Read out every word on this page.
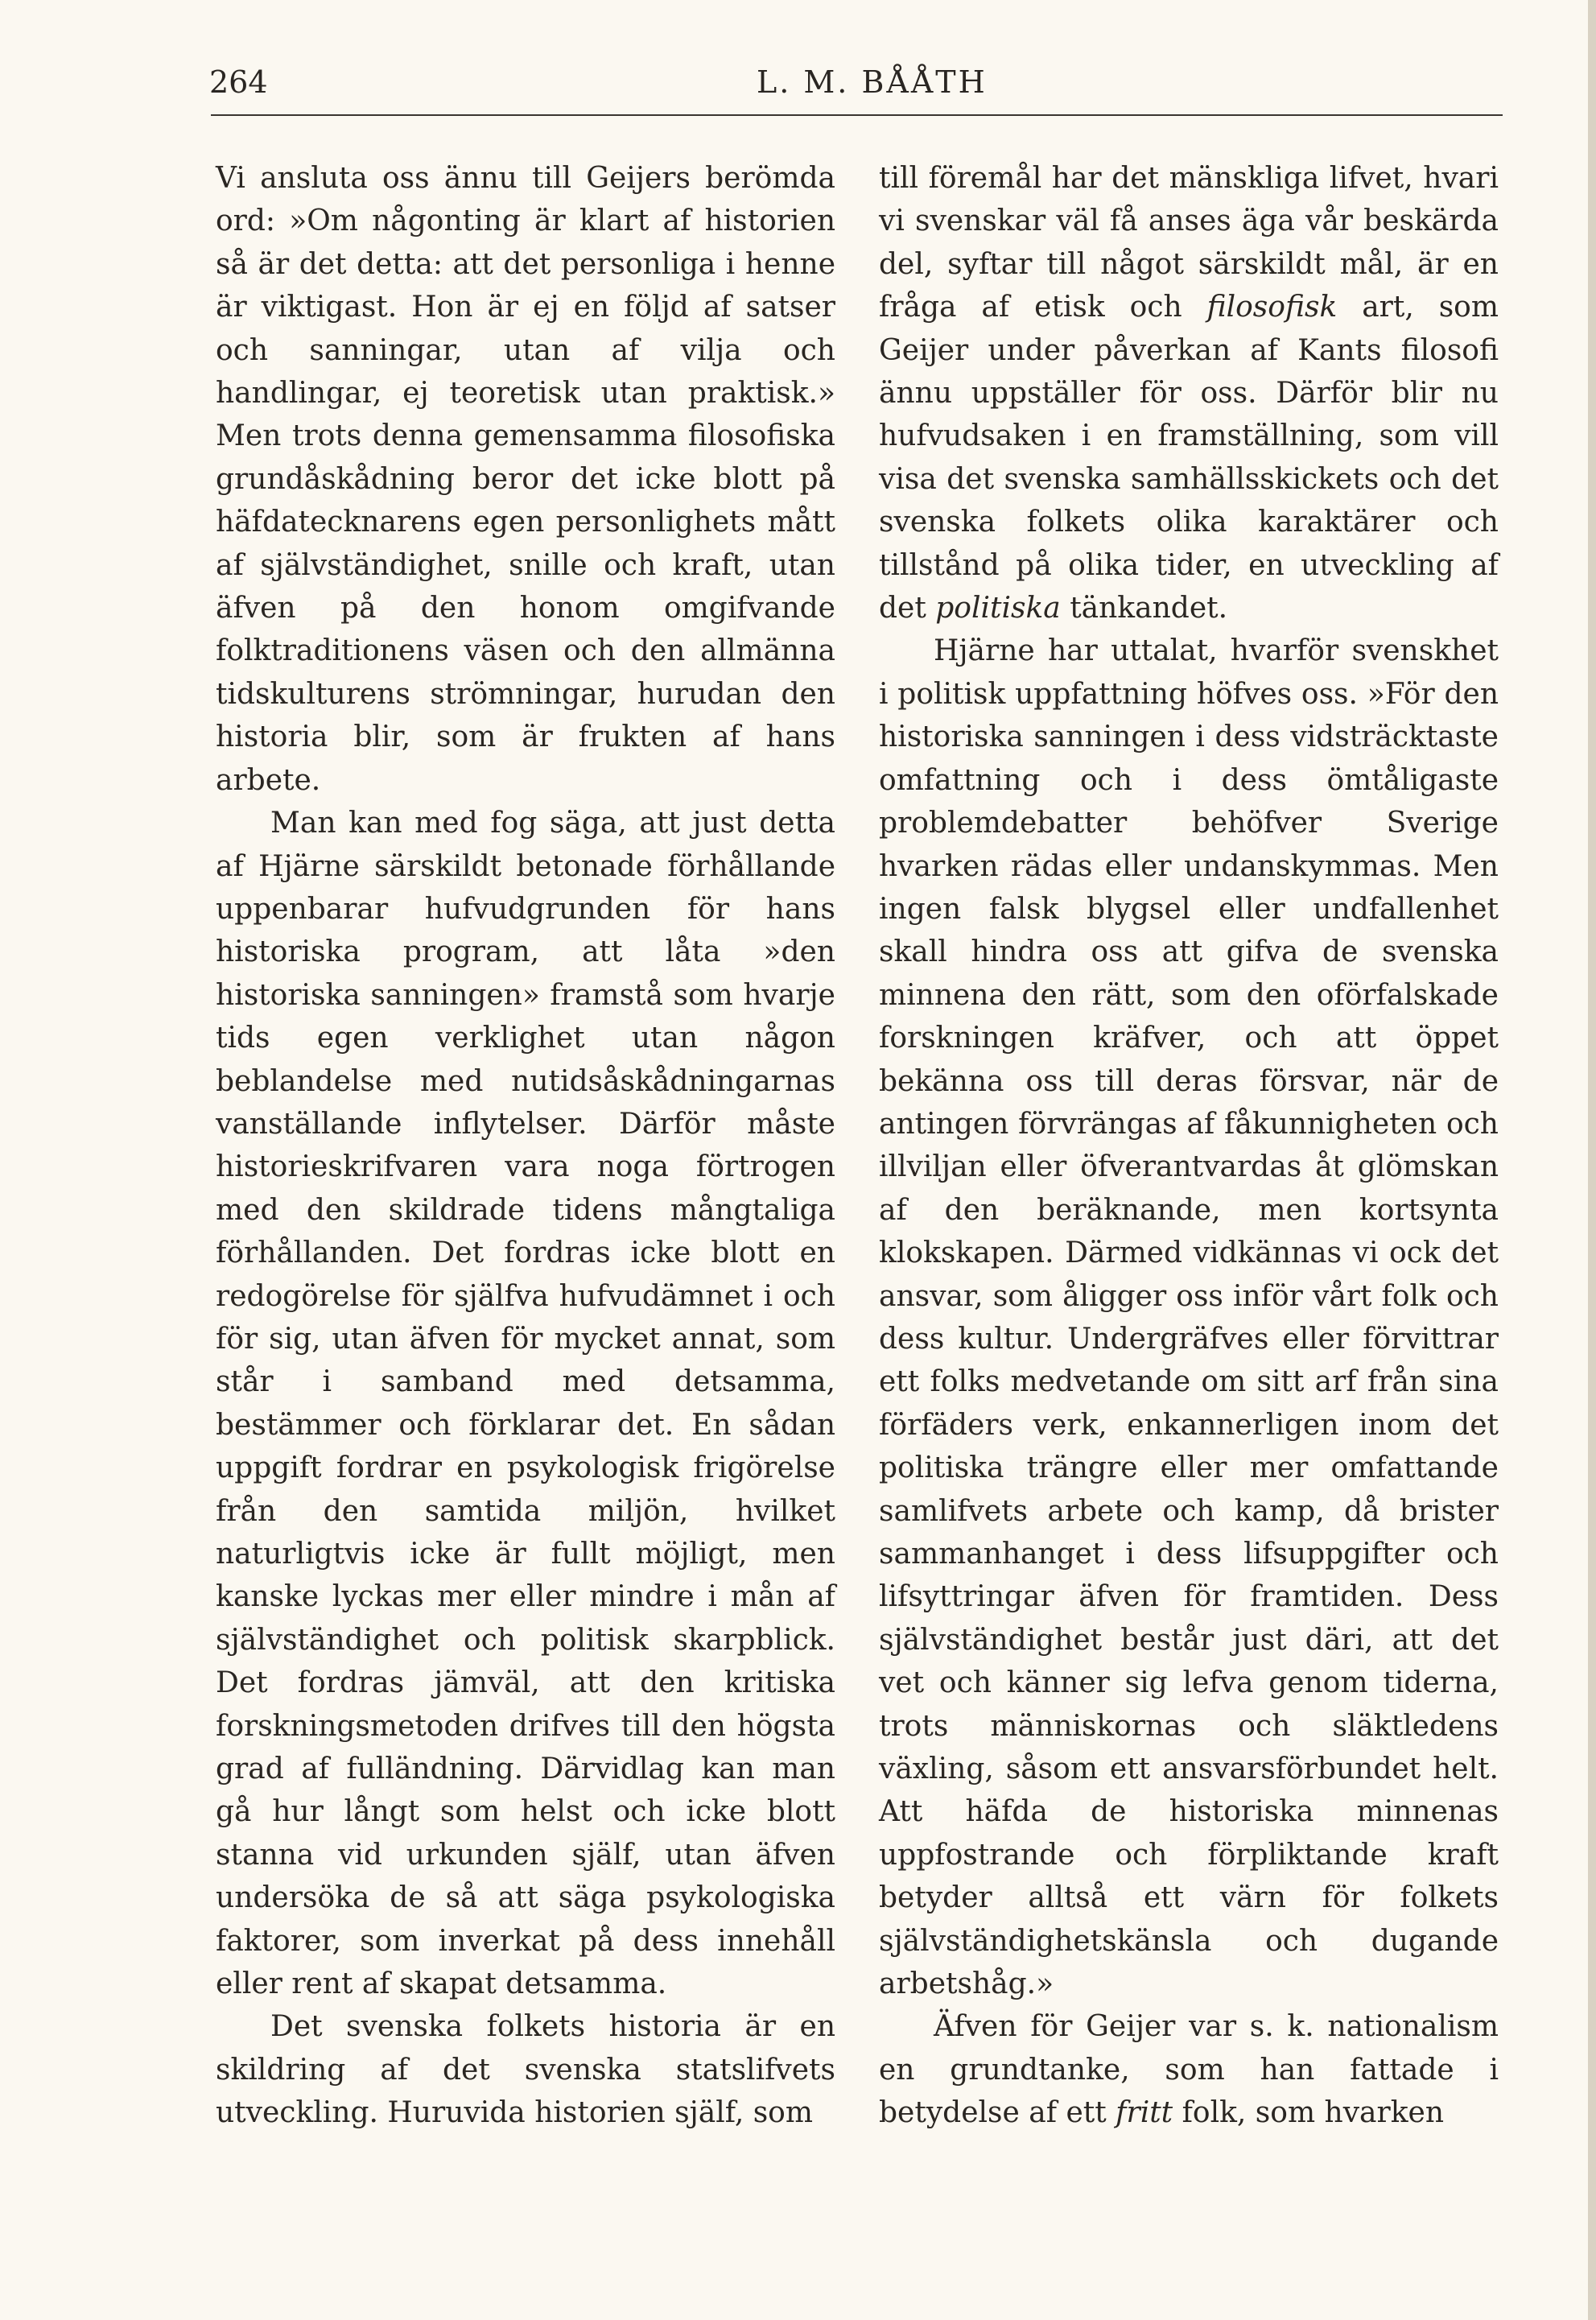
264	L. M. BÅÅTH

Vi ansluta oss ännu till Geijers berömda ord: »Om någonting är klart af historien så är det detta: att det personliga i henne är viktigast. Hon är ej en följd af satser och sanningar, utan af vilja och handlingar, ej teoretisk utan praktisk.» Men trots denna gemensamma filosofiska grundåskådning beror det icke blott på häfdatecknarens egen personlighets mått af självständighet, snille och kraft, utan äfven på den honom omgifvande folktraditionens väsen och den allmänna tidskulturens strömningar, hurudan den historia blir, som är frukten af hans arbete.

Man kan med fog säga, att just detta af Hjärne särskildt betonade förhållande uppenbarar hufvudgrunden för hans historiska program, att låta »den historiska sanningen» framstå som hvarje tids egen verklighet utan någon beblandelse med nutidsåskådningarnas vanställande inflytelser. Därför måste historieskrifvaren vara noga förtrogen med den skildrade tidens mångtaliga förhållanden. Det fordras icke blott en redogörelse för själfva hufvudämnet i och för sig, utan äfven för mycket annat, som står i samband med detsamma, bestämmer och förklarar det. En sådan uppgift fordrar en psykologisk frigörelse från den samtida miljön, hvilket naturligtvis icke är fullt möjligt, men kanske lyckas mer eller mindre i mån af självständighet och politisk skarpblick. Det fordras jämväl, att den kritiska forskningsmetoden drifves till den högsta grad af fulländning. Därvidlag kan man gå hur långt som helst och icke blott stanna vid urkunden själf, utan äfven undersöka de så att säga psykologiska faktorer, som inverkat på dess innehåll eller rent af skapat detsamma.

Det svenska folkets historia är en skildring af det svenska statslifvets utveckling. Huruvida historien själf, som

till föremål har det mänskliga lifvet, hvari vi svenskar väl få anses äga vår beskärda del, syftar till något särskildt mål, är en fråga af etisk och filosofisk art, som Geijer under påverkan af Kants filosofi ännu uppställer för oss. Därför blir nu hufvudsaken i en framställning, som vill visa det svenska samhällsskickets och det svenska folkets olika karaktärer och tillstånd på olika tider, en utveckling af det politiska tänkandet.

Hjärne har uttalat, hvarför svenskhet i politisk uppfattning höfves oss. »För den historiska sanningen i dess vidsträcktaste omfattning och i dess ömtåligaste problemdebatter behöfver Sverige hvarken rädas eller undanskymmas. Men ingen falsk blygsel eller undfallenhet skall hindra oss att gifva de svenska minnena den rätt, som den oförfalskade forskningen kräfver, och att öppet bekänna oss till deras försvar, när de antingen förvrängas af fåkunnigheten och illviljan eller öfverantvardas åt glömskan af den beräknande, men kortsynta klokskapen. Därmed vidkännas vi ock det ansvar, som åligger oss inför vårt folk och dess kultur. Undergräfves eller förvittrar ett folks medvetande om sitt arf från sina förfäders verk, enkannerligen inom det politiska trängre eller mer omfattande samlifvets arbete och kamp, då brister sammanhanget i dess lifsuppgifter och lifsyttringar äfven för framtiden. Dess självständighet består just däri, att det vet och känner sig lefva genom tiderna, trots människornas och släktledens växling, såsom ett ansvarsförbundet helt. Att häfda de historiska minnenas uppfostrande och förpliktande kraft betyder alltså ett värn för folkets självständighetskänsla och dugande arbetshåg.»

Äfven för Geijer var s. k. nationalism en grundtanke, som han fattade i betydelse af ett fritt folk, som hvarken
